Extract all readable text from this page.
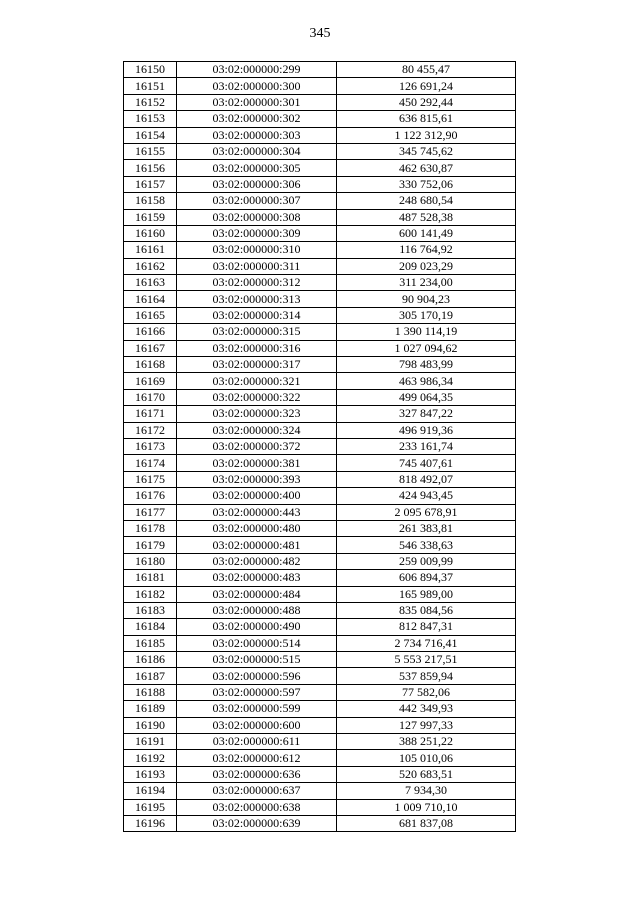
345
16150	03:02:000000:299	80 455,47
16151	03:02:000000:300	126 691,24
16152	03:02:000000:301	450 292,44
16153	03:02:000000:302	636 815,61
16154	03:02:000000:303	1 122 312,90
16155	03:02:000000:304	345 745,62
16156	03:02:000000:305	462 630,87
16157	03:02:000000:306	330 752,06
16158	03:02:000000:307	248 680,54
16159	03:02:000000:308	487 528,38
16160	03:02:000000:309	600 141,49
16161	03:02:000000:310	116 764,92
16162	03:02:000000:311	209 023,29
16163	03:02:000000:312	311 234,00
16164	03:02:000000:313	90 904,23
16165	03:02:000000:314	305 170,19
16166	03:02:000000:315	1 390 114,19
16167	03:02:000000:316	1 027 094,62
16168	03:02:000000:317	798 483,99
16169	03:02:000000:321	463 986,34
16170	03:02:000000:322	499 064,35
16171	03:02:000000:323	327 847,22
16172	03:02:000000:324	496 919,36
16173	03:02:000000:372	233 161,74
16174	03:02:000000:381	745 407,61
16175	03:02:000000:393	818 492,07
16176	03:02:000000:400	424 943,45
16177	03:02:000000:443	2 095 678,91
16178	03:02:000000:480	261 383,81
16179	03:02:000000:481	546 338,63
16180	03:02:000000:482	259 009,99
16181	03:02:000000:483	606 894,37
16182	03:02:000000:484	165 989,00
16183	03:02:000000:488	835 084,56
16184	03:02:000000:490	812 847,31
16185	03:02:000000:514	2 734 716,41
16186	03:02:000000:515	5 553 217,51
16187	03:02:000000:596	537 859,94
16188	03:02:000000:597	77 582,06
16189	03:02:000000:599	442 349,93
16190	03:02:000000:600	127 997,33
16191	03:02:000000:611	388 251,22
16192	03:02:000000:612	105 010,06
16193	03:02:000000:636	520 683,51
16194	03:02:000000:637	7 934,30
16195	03:02:000000:638	1 009 710,10
16196	03:02:000000:639	681 837,08
